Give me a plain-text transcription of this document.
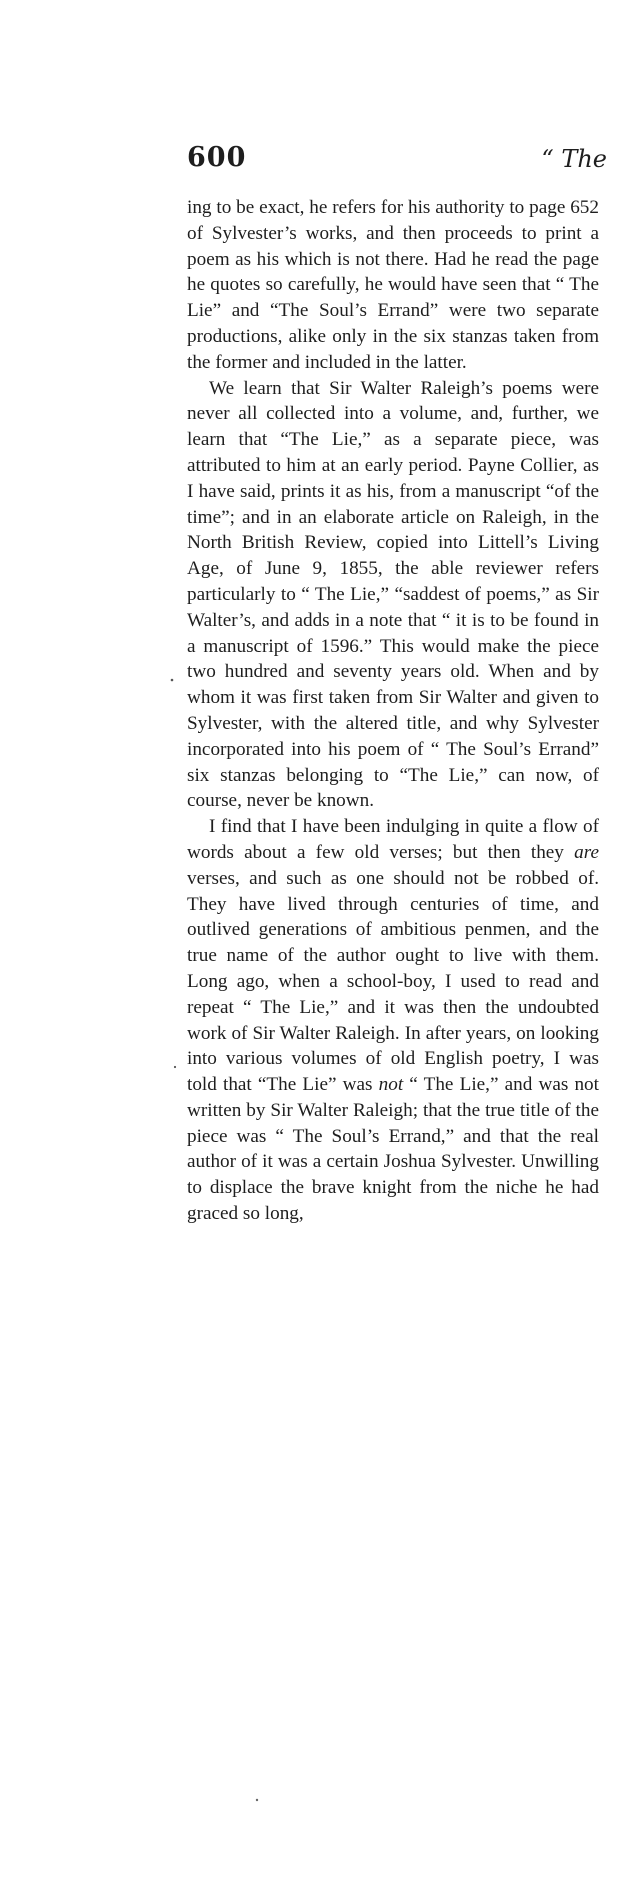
600	“ The

ing to be exact, he refers for his authority to page 652 of Sylvester’s works, and then proceeds to print a poem as his which is not there. Had he read the page he quotes so carefully, he would have seen that “ The Lie” and “The Soul’s Errand” were two separate productions, alike only in the six stanzas taken from the former and included in the latter.

We learn that Sir Walter Raleigh’s poems were never all collected into a volume, and, further, we learn that “The Lie,” as a separate piece, was attributed to him at an early period. Payne Collier, as I have said, prints it as his, from a manuscript “of the time”; and in an elaborate article on Raleigh, in the North British Review, copied into Littell’s Living Age, of June 9, 1855, the able reviewer refers particularly to “ The Lie,” “saddest of poems,” as Sir Walter’s, and adds in a note that “ it is to be found in a manuscript of 1596.” This would make the piece two hundred and seventy years old. When and by whom it was first taken from Sir Walter and given to Sylvester, with the altered title, and why Sylvester incorporated into his poem of “ The Soul’s Errand” six stanzas belonging to “The Lie,” can now, of course, never be known.

I find that I have been indulging in quite a flow of words about a few old verses; but then they are verses, and such as one should not be robbed of. They have lived through centuries of time, and outlived generations of ambitious penmen, and the true name of the author ought to live with them. Long ago, when a school-boy, I used to read and repeat “ The Lie,” and it was then the undoubted work of Sir Walter Raleigh. In after years, on looking into various volumes of old English poetry, I was told that “The Lie” was not “ The Lie,” and was not written by Sir Walter Raleigh; that the true title of the piece was “ The Soul’s Errand,” and that the real author of it was a certain Joshua Sylvester. Unwilling to displace the brave knight from the niche he had graced so long,
